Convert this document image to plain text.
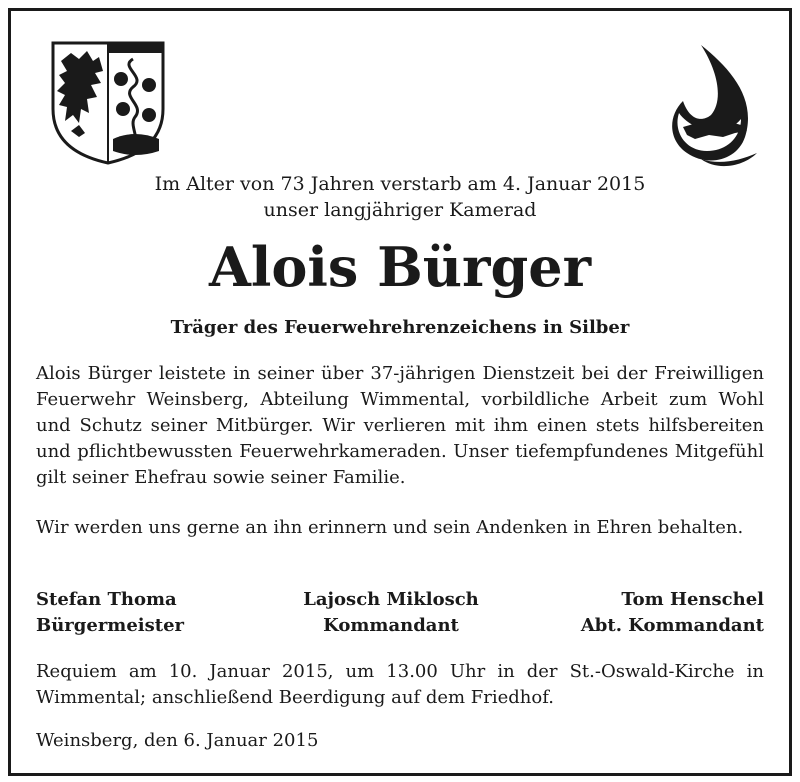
Im Alter von 73 Jahren verstarb am 4. Januar 2015
unser langjähriger Kamerad
Alois Bürger
Träger des Feuerwehrehrenzeichens in Silber
Alois Bürger leistete in seiner über 37-jährigen Dienstzeit bei der Freiwilligen Feuerwehr Weinsberg, Abteilung Wimmental, vorbildliche Arbeit zum Wohl und Schutz seiner Mitbürger. Wir verlieren mit ihm einen stets hilfsbereiten und pflichtbewussten Feuerwehrkameraden. Unser tiefempfundenes Mitgefühl gilt seiner Ehefrau sowie seiner Familie.
Wir werden uns gerne an ihn erinnern und sein Andenken in Ehren behalten.
Stefan Thoma
Bürgermeister
Lajosch Miklosch
Kommandant
Tom Henschel
Abt. Kommandant
Requiem am 10. Januar 2015, um 13.00 Uhr in der St.-Oswald-Kirche in Wimmental; anschließend Beerdigung auf dem Friedhof.
Weinsberg, den 6. Januar 2015
